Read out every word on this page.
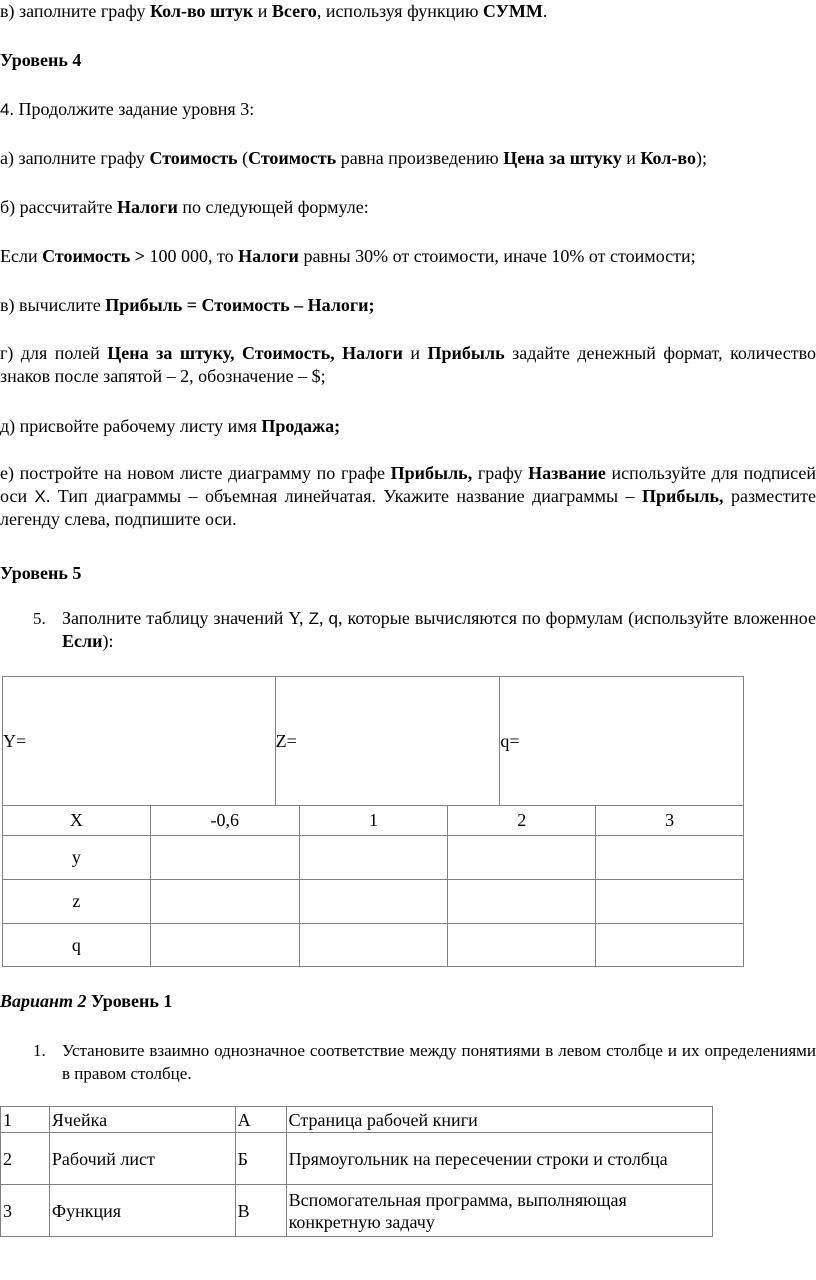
в) заполните графу Кол-во штук и Всего, используя функцию СУММ.
Уровень 4
4. Продолжите задание уровня 3:
а) заполните графу Стоимость (Стоимость равна произведению Цена за штуку и Кол-во);
б) рассчитайте Налоги по следующей формуле:
Если Стоимость > 100 000, то Налоги равны 30% от стоимости, иначе 10% от стоимости;
в) вычислите Прибыль = Стоимость – Налоги;
г) для полей Цена за штуку, Стоимость, Налоги и Прибыль задайте денежный формат, количество знаков после запятой – 2, обозначение – $;
д) присвойте рабочему листу имя Продажа;
е) постройте на новом листе диаграмму по графе Прибыль, графу Название используйте для подписей оси X. Тип диаграммы – объемная линейчатая. Укажите название диаграммы – Прибыль, разместите легенду слева, подпишите оси.
Уровень 5
5. Заполните таблицу значений Y, Z, q, которые вычисляются по формулам (используйте вложенное Если):
Y=		Z=			q=	
X	-0,6		1	2		3
y						
z						
q						
Вариант 2 Уровень 1
1. Установите взаимно однозначное соответствие между понятиями в левом столбце и их определениями в правом столбце.
1	Ячейка	А	Страница рабочей книги
2	Рабочий лист	Б	Прямоугольник на пересечении строки и столбца
3	Функция	В	Вспомогательная программа, выполняющая конкретную задачу
